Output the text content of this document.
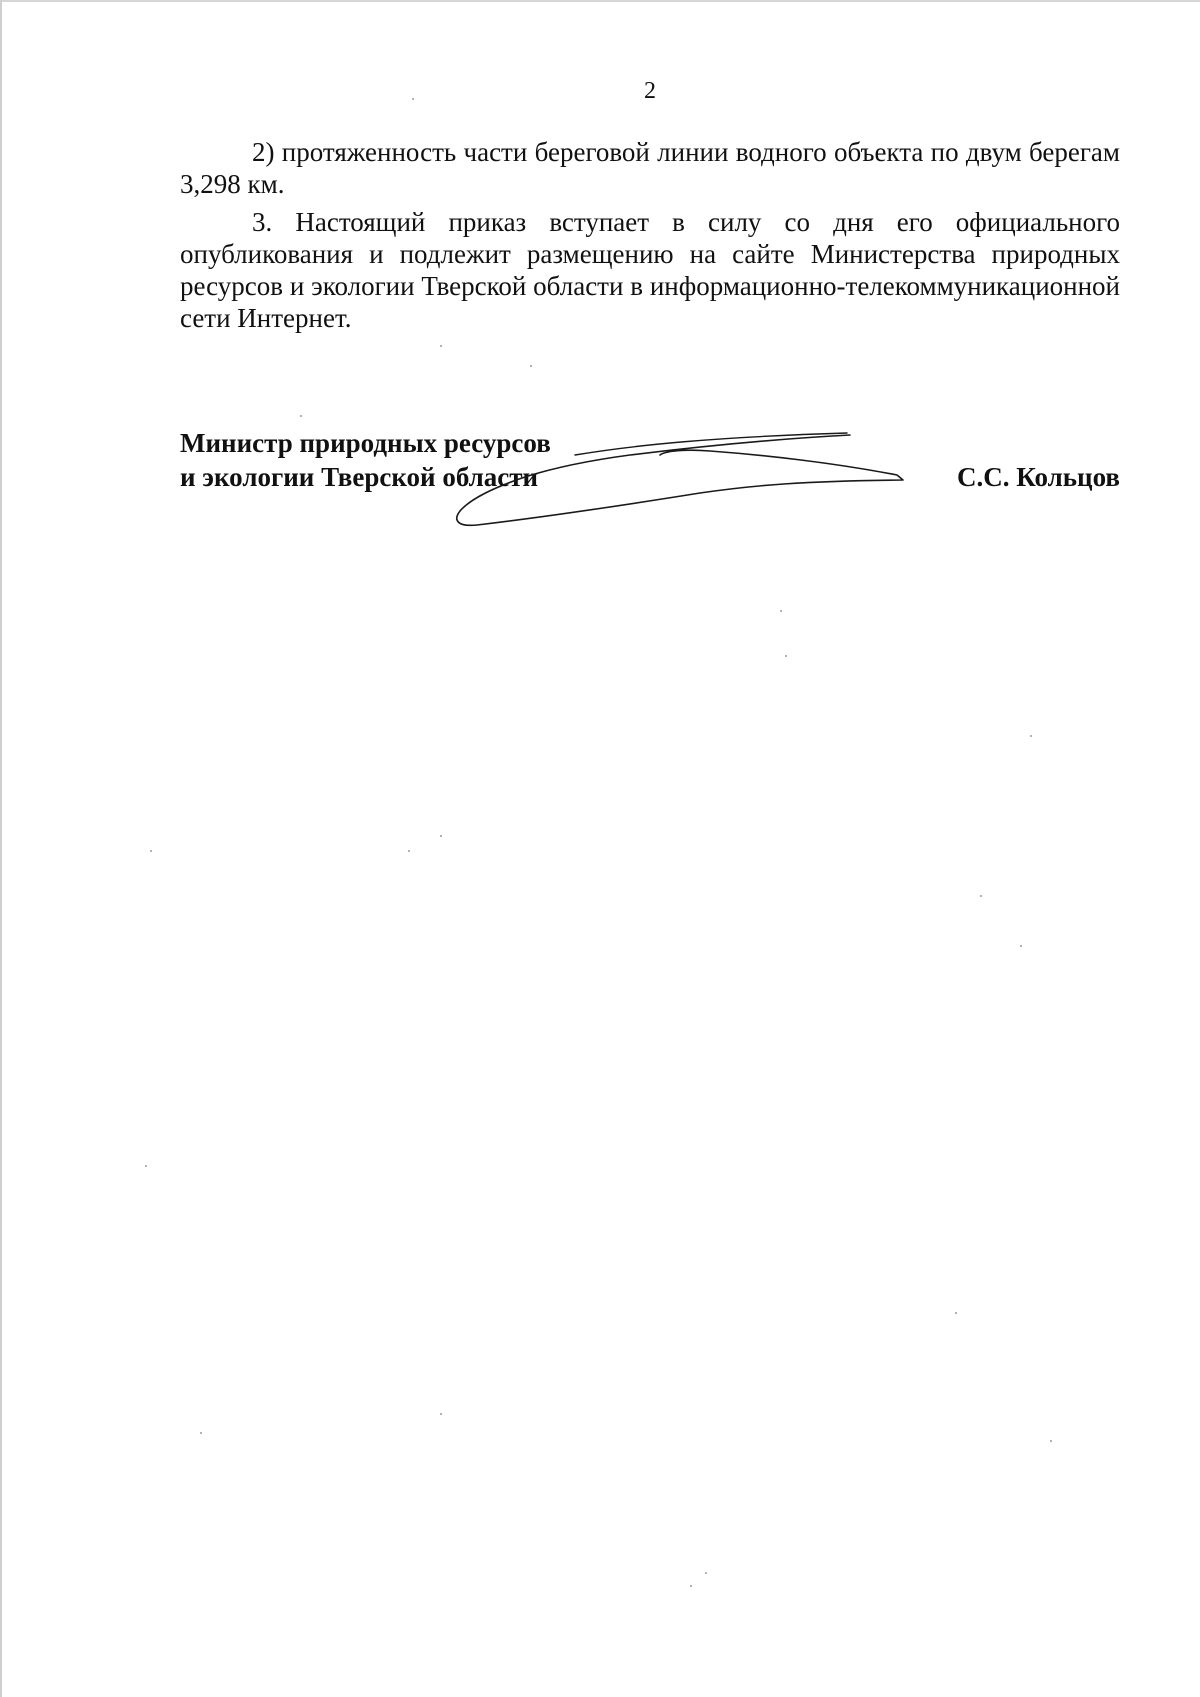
2

2) протяженность части береговой линии водного объекта по двум берегам 3,298 км.

3. Настоящий приказ вступает в силу со дня его официального опубликования и подлежит размещению на сайте Министерства природных ресурсов и экологии Тверской области в информационно-телекоммуникационной сети Интернет.

Министр природных ресурсов
и экологии Тверской области	С.С. Кольцов
